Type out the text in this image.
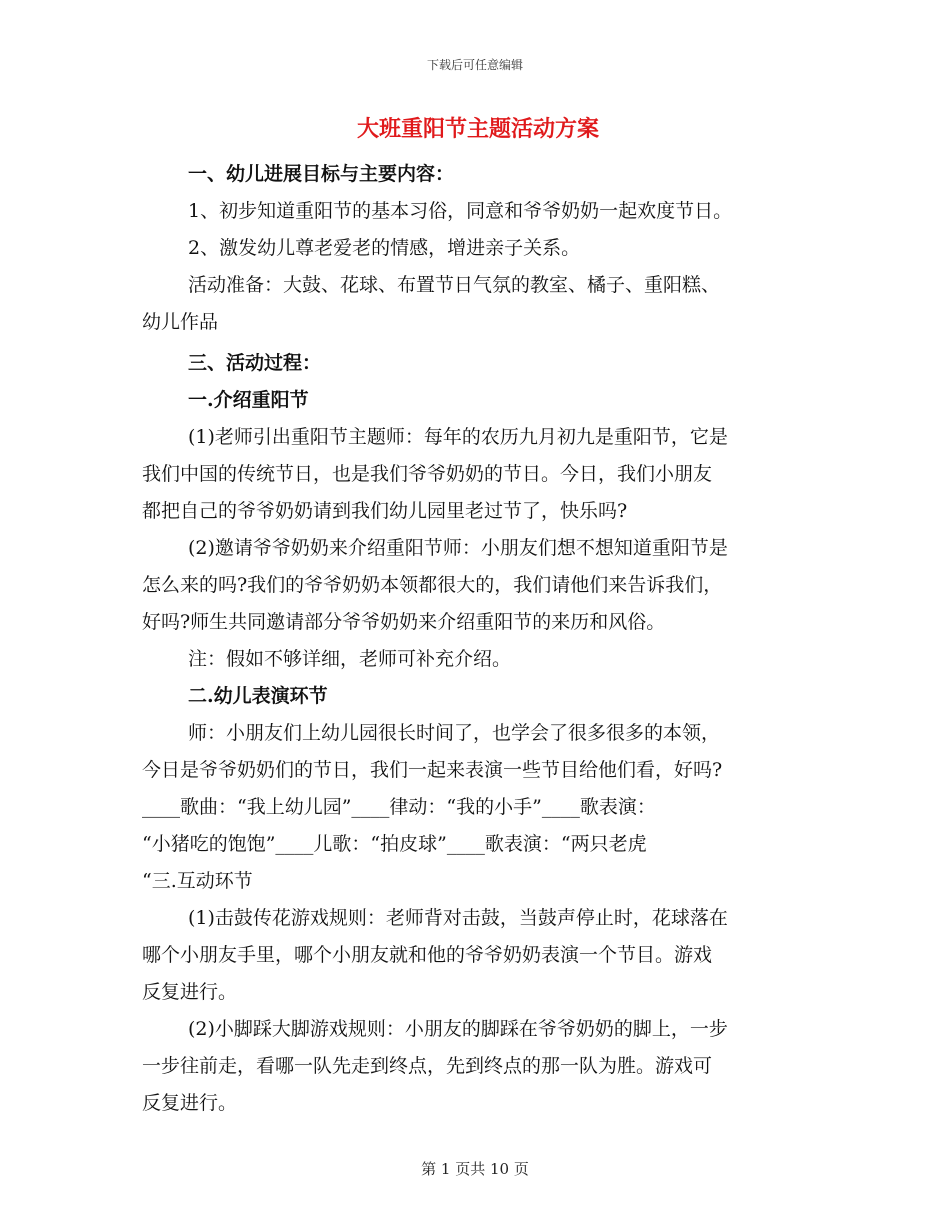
下载后可任意编辑
大班重阳节主题活动方案
一、幼儿进展目标与主要内容：
1、初步知道重阳节的基本习俗，同意和爷爷奶奶一起欢度节日。
2、激发幼儿尊老爱老的情感，增进亲子关系。
活动准备：大鼓、花球、布置节日气氛的教室、橘子、重阳糕、
幼儿作品
三、活动过程：
一.介绍重阳节
(1)老师引出重阳节主题师：每年的农历九月初九是重阳节，它是
我们中国的传统节日，也是我们爷爷奶奶的节日。今日，我们小朋友
都把自己的爷爷奶奶请到我们幼儿园里老过节了，快乐吗?
(2)邀请爷爷奶奶来介绍重阳节师：小朋友们想不想知道重阳节是
怎么来的吗?我们的爷爷奶奶本领都很大的，我们请他们来告诉我们，
好吗?师生共同邀请部分爷爷奶奶来介绍重阳节的来历和风俗。
注：假如不够详细，老师可补充介绍。
二.幼儿表演环节
师：小朋友们上幼儿园很长时间了，也学会了很多很多的本领，
今日是爷爷奶奶们的节日，我们一起来表演一些节目给他们看，好吗?
____歌曲：“我上幼儿园”____律动：“我的小手”____歌表演：
“小猪吃的饱饱”____儿歌：“拍皮球”____歌表演：“两只老虎
“三.互动环节
(1)击鼓传花游戏规则：老师背对击鼓，当鼓声停止时，花球落在
哪个小朋友手里，哪个小朋友就和他的爷爷奶奶表演一个节目。游戏
反复进行。
(2)小脚踩大脚游戏规则：小朋友的脚踩在爷爷奶奶的脚上，一步
一步往前走，看哪一队先走到终点，先到终点的那一队为胜。游戏可
反复进行。
第 1 页共 10 页
